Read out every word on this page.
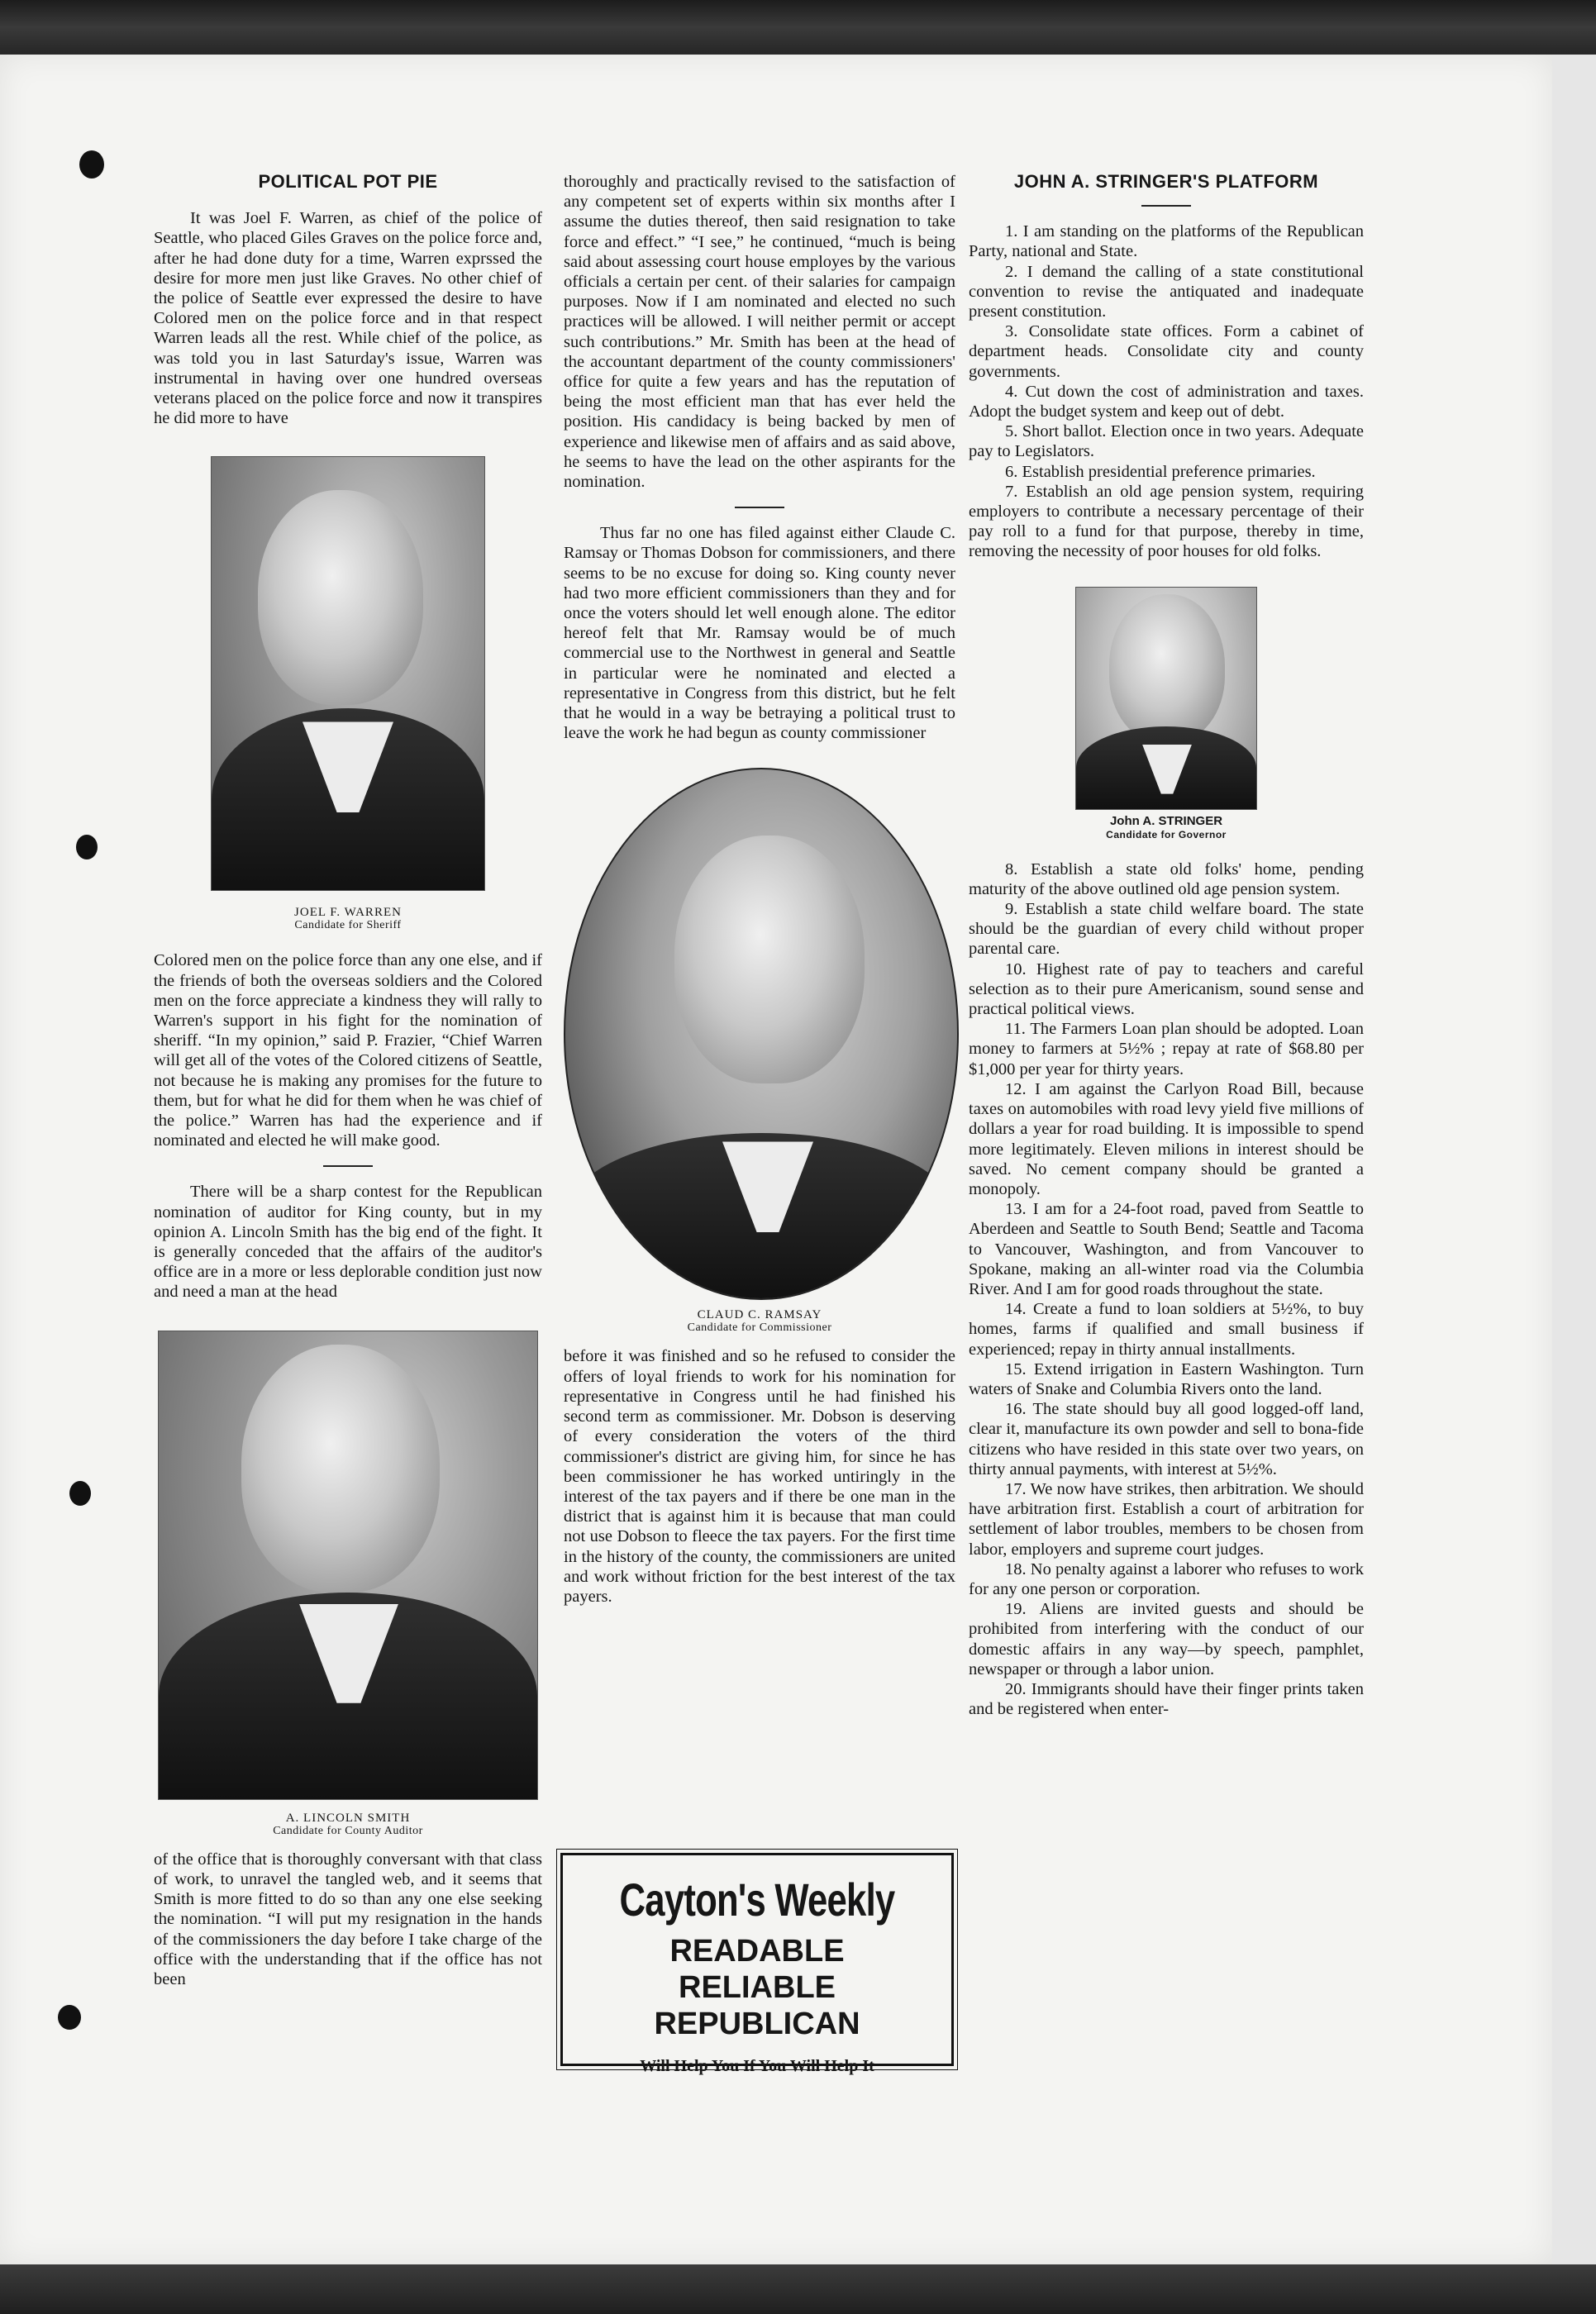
POLITICAL POT PIE

It was Joel F. Warren, as chief of the police of Seattle, who placed Giles Graves on the police force and, after he had done duty for a time, Warren exprssed the desire for more men just like Graves. No other chief of the police of Seattle ever expressed the desire to have Colored men on the police force and in that respect Warren leads all the rest. While chief of the police, as was told you in last Saturday's issue, Warren was instrumental in having over one hundred overseas veterans placed on the police force and now it transpires he did more to have

JOEL F. WARREN
Candidate for Sheriff

Colored men on the police force than any one else, and if the friends of both the overseas soldiers and the Colored men on the force appreciate a kindness they will rally to Warren's support in his fight for the nomination of sheriff. “In my opinion,” said P. Frazier, “Chief Warren will get all of the votes of the Colored citizens of Seattle, not because he is making any promises for the future to them, but for what he did for them when he was chief of the police.” Warren has had the experience and if nominated and elected he will make good.

There will be a sharp contest for the Republican nomination of auditor for King county, but in my opinion A. Lincoln Smith has the big end of the fight. It is generally conceded that the affairs of the auditor's office are in a more or less deplorable condition just now and need a man at the head

A. LINCOLN SMITH
Candidate for County Auditor

of the office that is thoroughly conversant with that class of work, to unravel the tangled web, and it seems that Smith is more fitted to do so than any one else seeking the nomination. “I will put my resignation in the hands of the commissioners the day before I take charge of the office with the understanding that if the office has not been

thoroughly and practically revised to the satisfaction of any competent set of experts within six months after I assume the duties thereof, then said resignation to take force and effect.” “I see,” he continued, “much is being said about assessing court house employes by the various officials a certain per cent. of their salaries for campaign purposes. Now if I am nominated and elected no such practices will be allowed. I will neither permit or accept such contributions.” Mr. Smith has been at the head of the accountant department of the county commissioners' office for quite a few years and has the reputation of being the most efficient man that has ever held the position. His candidacy is being backed by men of experience and likewise men of affairs and as said above, he seems to have the lead on the other aspirants for the nomination.

Thus far no one has filed against either Claude C. Ramsay or Thomas Dobson for commissioners, and there seems to be no excuse for doing so. King county never had two more efficient commissioners than they and for once the voters should let well enough alone. The editor hereof felt that Mr. Ramsay would be of much commercial use to the Northwest in general and Seattle in particular were he nominated and elected a representative in Congress from this district, but he felt that he would in a way be betraying a political trust to leave the work he had begun as county commissioner

CLAUD C. RAMSAY
Candidate for Commissioner

before it was finished and so he refused to consider the offers of loyal friends to work for his nomination for representative in Congress until he had finished his second term as commissioner. Mr. Dobson is deserving of every consideration the voters of the third commissioner's district are giving him, for since he has been commissioner he has worked untiringly in the interest of the tax payers and if there be one man in the district that is against him it is because that man could not use Dobson to fleece the tax payers. For the first time in the history of the county, the commissioners are united and work without friction for the best interest of the tax payers.

Cayton's Weekly
READABLE
RELIABLE
REPUBLICAN
Will Help You If You Will Help It
JOHN A. STRINGER'S PLATFORM

1. I am standing on the platforms of the Republican Party, national and State.

2. I demand the calling of a state constitutional convention to revise the antiquated and inadequate present constitution.

3. Consolidate state offices. Form a cabinet of department heads. Consolidate city and county governments.

4. Cut down the cost of administration and taxes. Adopt the budget system and keep out of debt.

5. Short ballot. Election once in two years. Adequate pay to Legislators.

6. Establish presidential preference primaries.

7. Establish an old age pension system, requiring employers to contribute a necessary percentage of their pay roll to a fund for that purpose, thereby in time, removing the necessity of poor houses for old folks.

John A. STRINGER
Candidate for Governor

8. Establish a state old folks' home, pending maturity of the above outlined old age pension system.

9. Establish a state child welfare board. The state should be the guardian of every child without proper parental care.

10. Highest rate of pay to teachers and careful selection as to their pure Americanism, sound sense and practical political views.

11. The Farmers Loan plan should be adopted. Loan money to farmers at 5½% ; repay at rate of $68.80 per $1,000 per year for thirty years.

12. I am against the Carlyon Road Bill, because taxes on automobiles with road levy yield five millions of dollars a year for road building. It is impossible to spend more legitimately. Eleven milions in interest should be saved. No cement company should be granted a monopoly.

13. I am for a 24-foot road, paved from Seattle to Aberdeen and Seattle to South Bend; Seattle and Tacoma to Vancouver, Washington, and from Vancouver to Spokane, making an all-winter road via the Columbia River. And I am for good roads throughout the state.

14. Create a fund to loan soldiers at 5½%, to buy homes, farms if qualified and small business if experienced; repay in thirty annual installments.

15. Extend irrigation in Eastern Washington. Turn waters of Snake and Columbia Rivers onto the land.

16. The state should buy all good logged-off land, clear it, manufacture its own powder and sell to bona-fide citizens who have resided in this state over two years, on thirty annual payments, with interest at 5½%.

17. We now have strikes, then arbitration. We should have arbitration first. Establish a court of arbitration for settlement of labor troubles, members to be chosen from labor, employers and supreme court judges.

18. No penalty against a laborer who refuses to work for any one person or corporation.

19. Aliens are invited guests and should be prohibited from interfering with the conduct of our domestic affairs in any way—by speech, pamphlet, newspaper or through a labor union.

20. Immigrants should have their finger prints taken and be registered when enter-
